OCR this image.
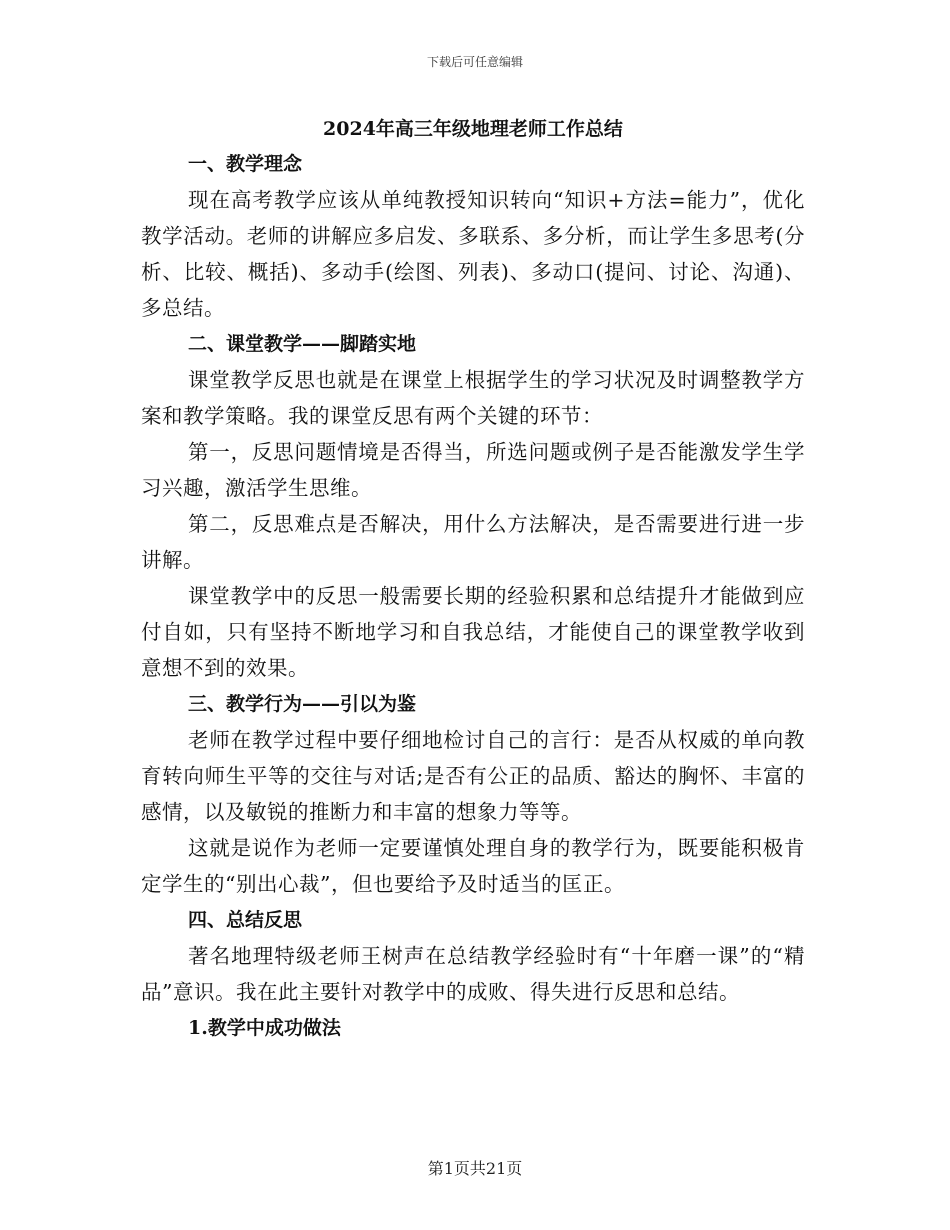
下载后可任意编辑
2024年高三年级地理老师工作总结
一、教学理念

现在高考教学应该从单纯教授知识转向“知识+方法=能力”，优化教学活动。老师的讲解应多启发、多联系、多分析，而让学生多思考(分析、比较、概括)、多动手(绘图、列表)、多动口(提问、讨论、沟通)、多总结。

二、课堂教学——脚踏实地

课堂教学反思也就是在课堂上根据学生的学习状况及时调整教学方案和教学策略。我的课堂反思有两个关键的环节：

第一，反思问题情境是否得当，所选问题或例子是否能激发学生学习兴趣，激活学生思维。

第二，反思难点是否解决，用什么方法解决，是否需要进行进一步讲解。

课堂教学中的反思一般需要长期的经验积累和总结提升才能做到应付自如，只有坚持不断地学习和自我总结，才能使自己的课堂教学收到意想不到的效果。

三、教学行为——引以为鉴

老师在教学过程中要仔细地检讨自己的言行：是否从权威的单向教育转向师生平等的交往与对话;是否有公正的品质、豁达的胸怀、丰富的感情，以及敏锐的推断力和丰富的想象力等等。

这就是说作为老师一定要谨慎处理自身的教学行为，既要能积极肯定学生的“别出心裁”，但也要给予及时适当的匡正。

四、总结反思

著名地理特级老师王树声在总结教学经验时有“十年磨一课”的“精品”意识。我在此主要针对教学中的成败、得失进行反思和总结。

1.教学中成功做法
第1页共21页
